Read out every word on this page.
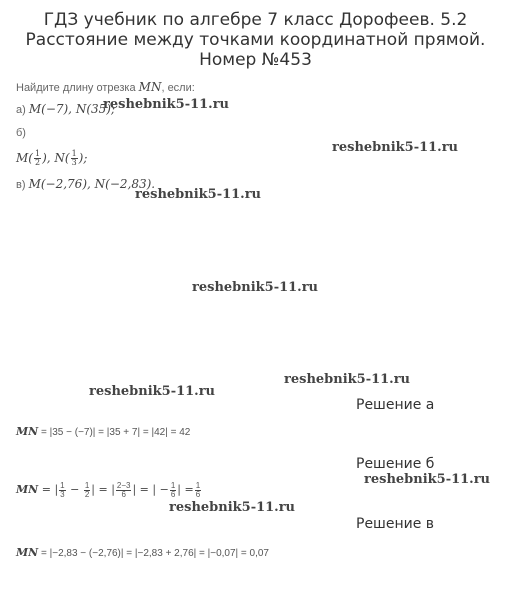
ГДЗ учебник по алгебре 7 класс Дорофеев. 5.2 Расстояние между точками координатной прямой. Номер №453
Найдите длину отрезка MN, если:
а) M(−7), N(35);
б)
$M( \frac{1}{2}$ ), $N( \frac{1}{3}$ );
в) M(−2,76), N(−2,83).
reshebnik5-11.ru
reshebnik5-11.ru
reshebnik5-11.ru
reshebnik5-11.ru
reshebnik5-11.ru
reshebnik5-11.ru
reshebnik5-11.ru
reshebnik5-11.ru
Решение а
MN = |35 − (−7)| = |35 + 7| = |42| = 42
Решение б
MN = | $\frac{1}{3} - \frac{1}{2}$ | = | $\frac{2-3}{6}$ | = | − $\frac{1}{6}$ | = $\frac{1}{6}$
Решение в
MN = |−2,83 − (−2,76)| = |−2,83 + 2,76| = |−0,07| = 0,07
